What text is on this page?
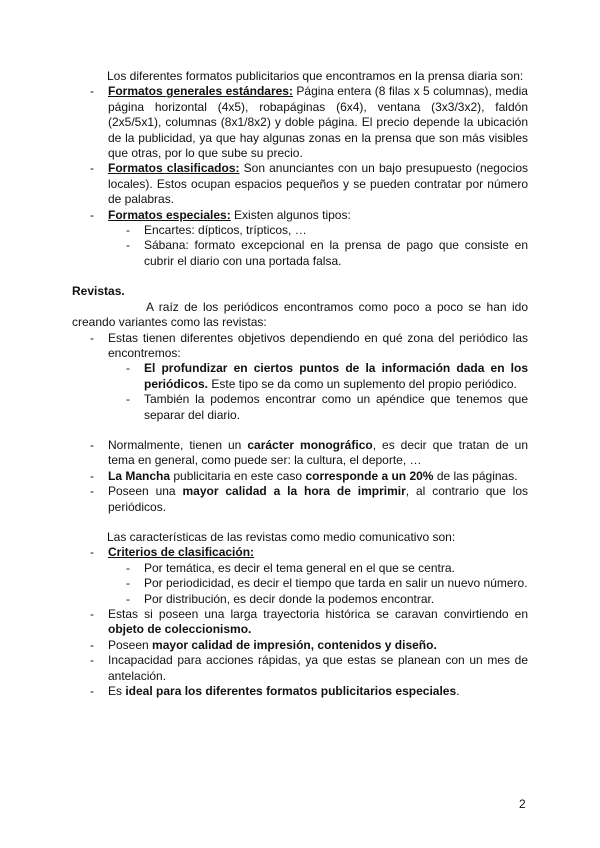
Los diferentes formatos publicitarios que encontramos en la prensa diaria son:

- Formatos generales estándares: Página entera (8 filas x 5 columnas), media página horizontal (4x5), robapáginas (6x4), ventana (3x3/3x2), faldón (2x5/5x1), columnas (8x1/8x2) y doble página. El precio depende la ubicación de la publicidad, ya que hay algunas zonas en la prensa que son más visibles que otras, por lo que sube su precio.
- Formatos clasificados: Son anunciantes con un bajo presupuesto (negocios locales). Estos ocupan espacios pequeños y se pueden contratar por número de palabras.
- Formatos especiales: Existen algunos tipos:
- Encartes: dípticos, trípticos, …
- Sábana: formato excepcional en la prensa de pago que consiste en cubrir el diario con una portada falsa.

Revistas.

A raíz de los periódicos encontramos como poco a poco se han ido creando variantes como las revistas:

- Estas tienen diferentes objetivos dependiendo en qué zona del periódico las encontremos:
- El profundizar en ciertos puntos de la información dada en los periódicos. Este tipo se da como un suplemento del propio periódico.
- También la podemos encontrar como un apéndice que tenemos que separar del diario.
- Normalmente, tienen un carácter monográfico, es decir que tratan de un tema en general, como puede ser: la cultura, el deporte, …
- La Mancha publicitaria en este caso corresponde a un 20% de las páginas.
- Poseen una mayor calidad a la hora de imprimir, al contrario que los periódicos.

Las características de las revistas como medio comunicativo son:

- Criterios de clasificación:
- Por temática, es decir el tema general en el que se centra.
- Por periodicidad, es decir el tiempo que tarda en salir un nuevo número.
- Por distribución, es decir donde la podemos encontrar.
- Estas si poseen una larga trayectoria histórica se caravan convirtiendo en objeto de coleccionismo.
- Poseen mayor calidad de impresión, contenidos y diseño.
- Incapacidad para acciones rápidas, ya que estas se planean con un mes de antelación.
- Es ideal para los diferentes formatos publicitarios especiales.
2
